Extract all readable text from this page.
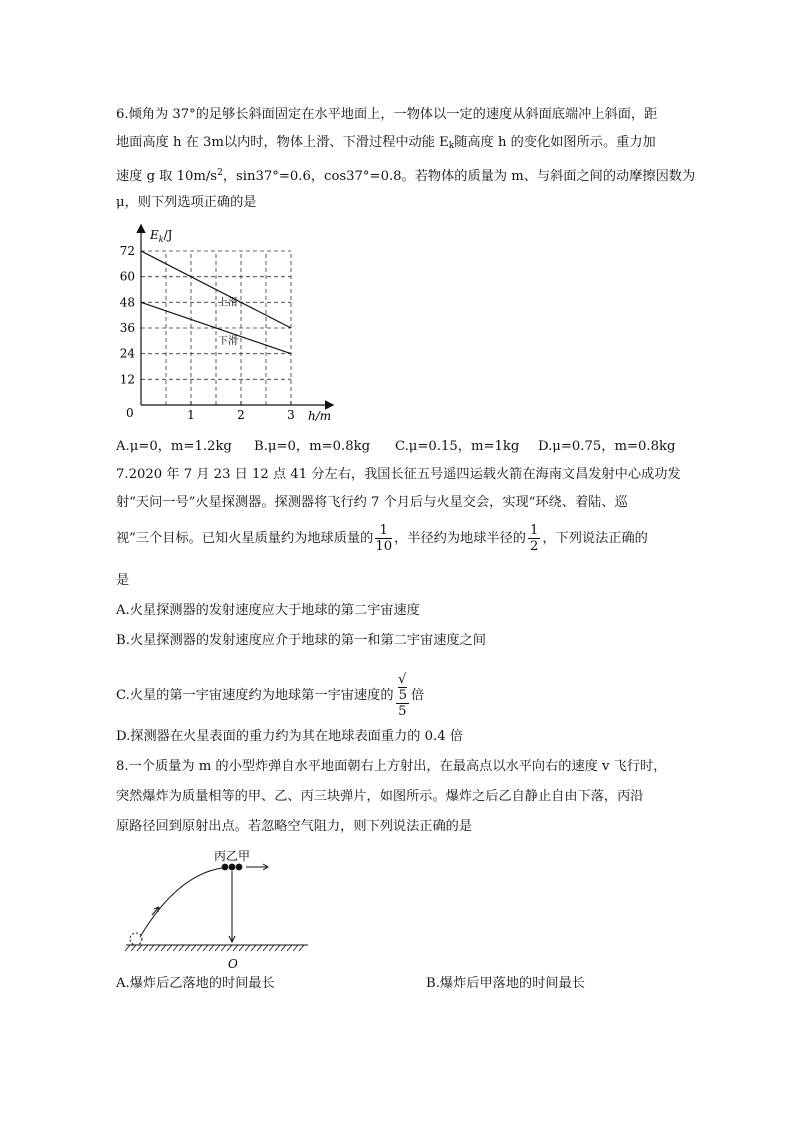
6.倾角为 37°的足够长斜面固定在水平地面上，一物体以一定的速度从斜面底端冲上斜面，距
地面高度 h 在 3m以内时，物体上滑、下滑过程中动能 $E_k$随高度 h 的变化如图所示。重力加
速度 g 取 $10m/s^2$，sin37°=0.6，cos37°=0.8。若物体的质量为 m、与斜面之间的动摩擦因数为
μ，则下列选项正确的是
$E_k/J$
h/m
0
12
24
36
48
60
72
1	2	3
上滑
下滑
A.μ=0，m=1.2kg B.μ=0，m=0.8kg C.μ=0.15，m=1kg D.μ=0.75，m=0.8kg
7.2020 年 7 月 23 日 12 点 41 分左右，我国长征五号遥四运载火箭在海南文昌发射中心成功发
射“天问一号”火星探测器。探测器将飞行约 7 个月后与火星交会，实现“环绕、着陆、巡
视”三个目标。已知火星质量约为地球质量的 $\frac{1}{10}$ ，半径约为地球半径的 $\frac{1}{2}$ ，下列说法正确的
是
A.火星探测器的发射速度应大于地球的第二宇宙速度
B.火星探测器的发射速度应介于地球的第一和第二宇宙速度之间
C.火星的第一宇宙速度约为地球第一宇宙速度的 √
5
5 倍
D.探测器在火星表面的重力约为其在地球表面重力的 0.4 倍
8.一个质量为 m 的小型炸弹自水平地面朝右上方射出，在最高点以水平向右的速度 v 飞行时，
突然爆炸为质量相等的甲、乙、丙三块弹片，如图所示。爆炸之后乙自静止自由下落，丙沿
原路径回到原射出点。若忽略空气阻力，则下列说法正确的是
丙乙甲
O
A.爆炸后乙落地的时间最长	B.爆炸后甲落地的时间最长
